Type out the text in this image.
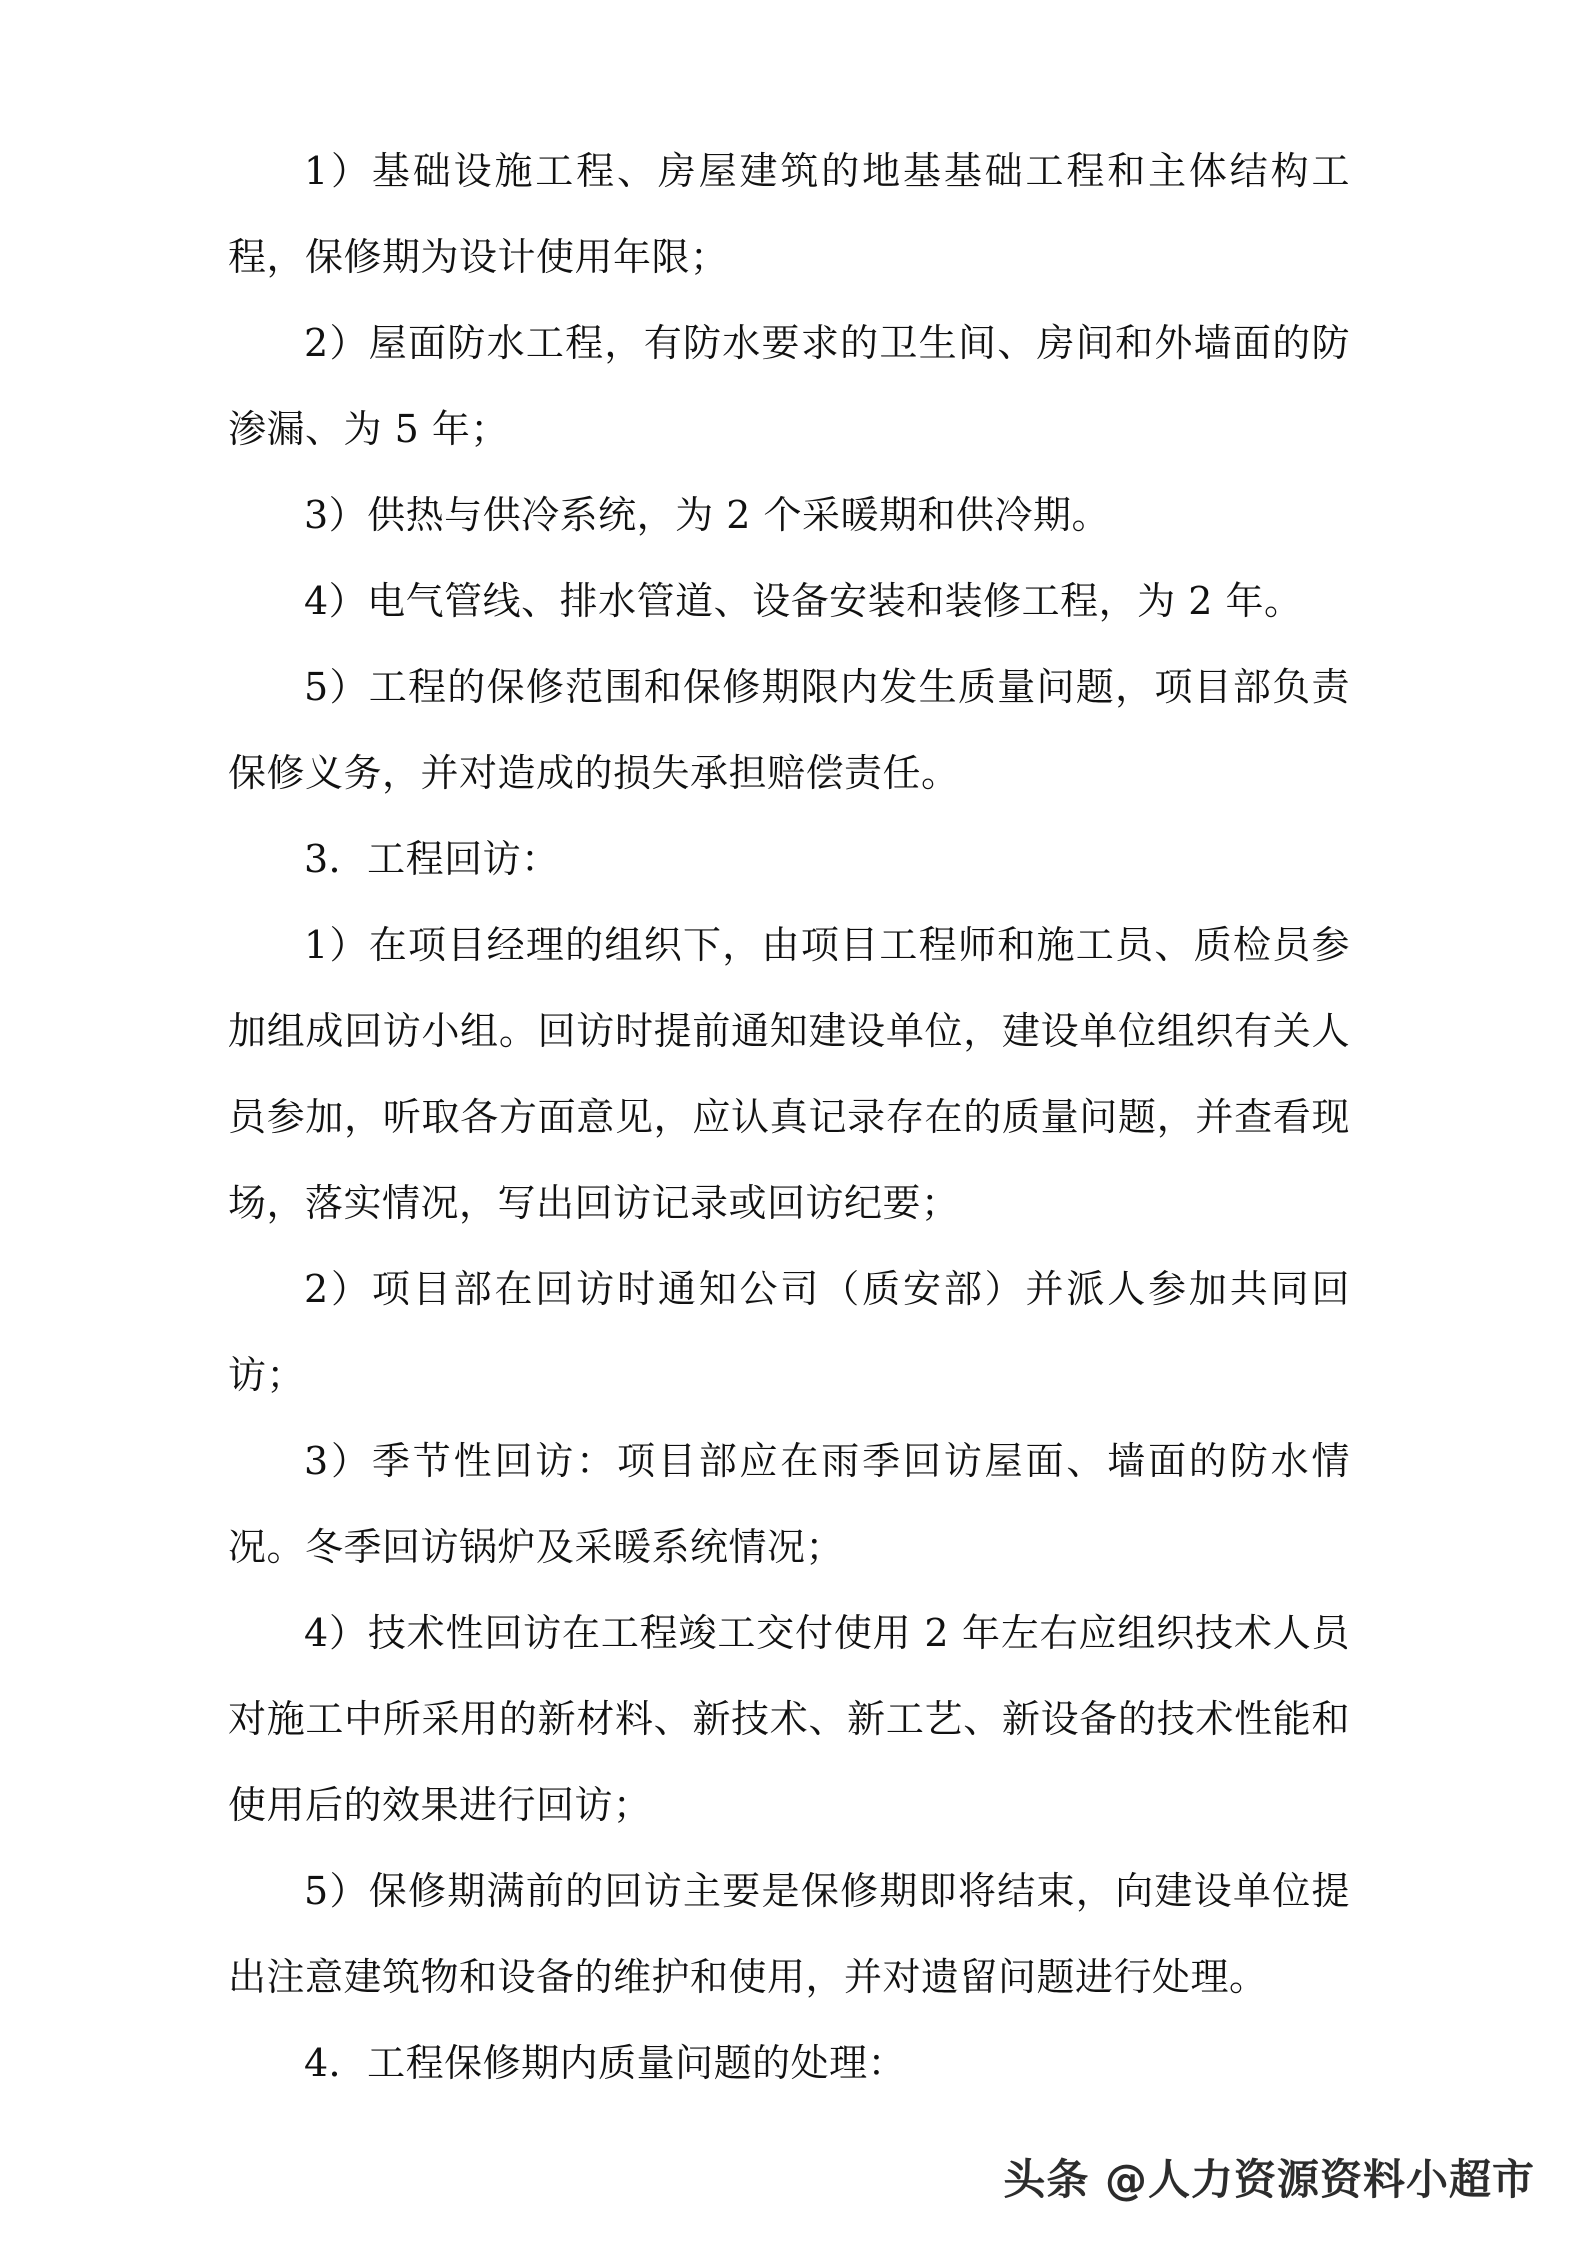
1）基础设施工程、房屋建筑的地基基础工程和主体结构工程，保修期为设计使用年限；

2）屋面防水工程，有防水要求的卫生间、房间和外墙面的防渗漏、为 5 年；

3）供热与供冷系统，为 2 个采暖期和供冷期。

4）电气管线、排水管道、设备安装和装修工程，为 2 年。

5）工程的保修范围和保修期限内发生质量问题，项目部负责保修义务，并对造成的损失承担赔偿责任。

3．工程回访：

1）在项目经理的组织下，由项目工程师和施工员、质检员参加组成回访小组。回访时提前通知建设单位，建设单位组织有关人员参加，听取各方面意见，应认真记录存在的质量问题，并查看现场，落实情况，写出回访记录或回访纪要；

2）项目部在回访时通知公司（质安部）并派人参加共同回访；

3）季节性回访：项目部应在雨季回访屋面、墙面的防水情况。冬季回访锅炉及采暖系统情况；

4）技术性回访在工程竣工交付使用 2 年左右应组织技术人员对施工中所采用的新材料、新技术、新工艺、新设备的技术性能和使用后的效果进行回访；

5）保修期满前的回访主要是保修期即将结束，向建设单位提出注意建筑物和设备的维护和使用，并对遗留问题进行处理。

4．工程保修期内质量问题的处理：

头条 @人力资源资料小超市
